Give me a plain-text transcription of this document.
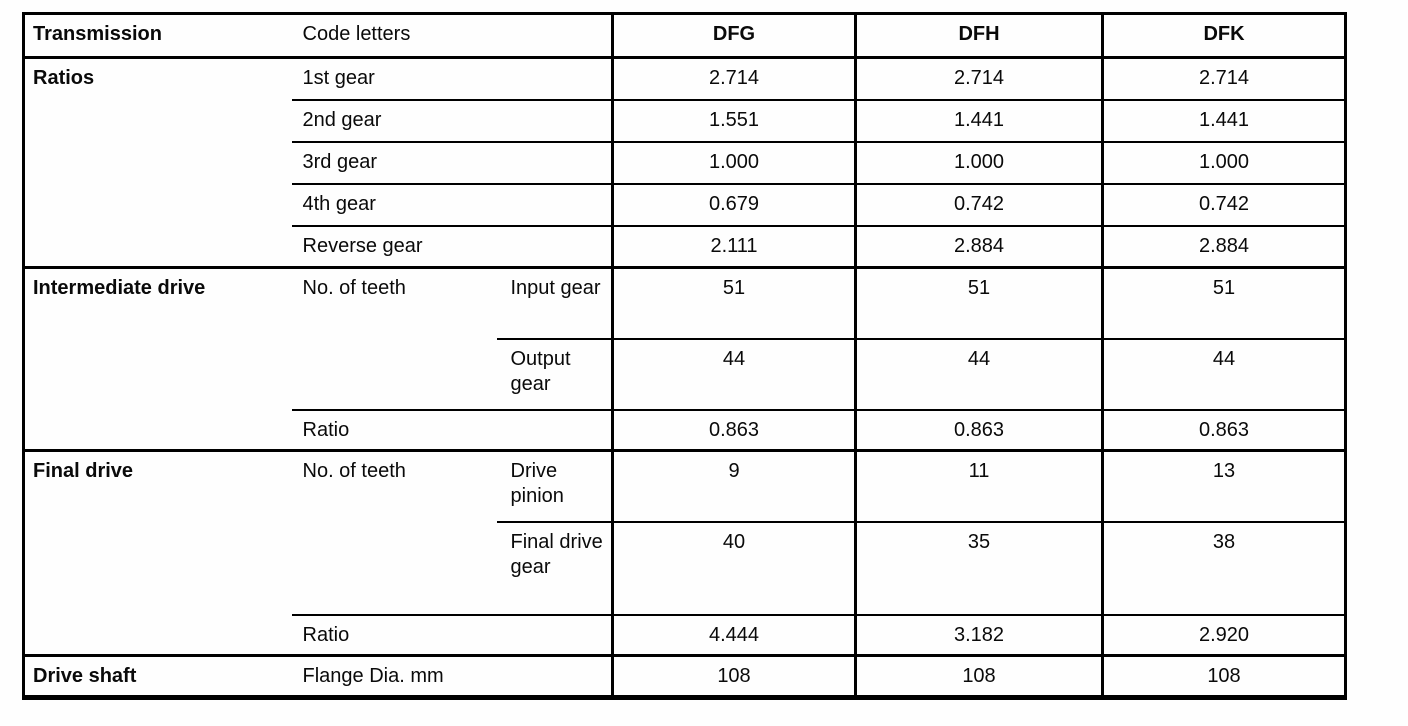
Transmission	Code letters		DFG	DFH	DFK
Ratios	1st gear		2.714	2.714	2.714
	2nd gear		1.551	1.441	1.441
	3rd gear		1.000	1.000	1.000
	4th gear		0.679	0.742	0.742
	Reverse gear		2.111	2.884	2.884
Intermediate drive	No. of teeth	Input gear	51	51	51
		Output gear	44	44	44
	Ratio		0.863	0.863	0.863
Final drive	No. of teeth	Drive pinion	9	11	13
		Final drive gear	40	35	38
	Ratio		4.444	3.182	2.920
Drive shaft	Flange Dia. mm		108	108	108
